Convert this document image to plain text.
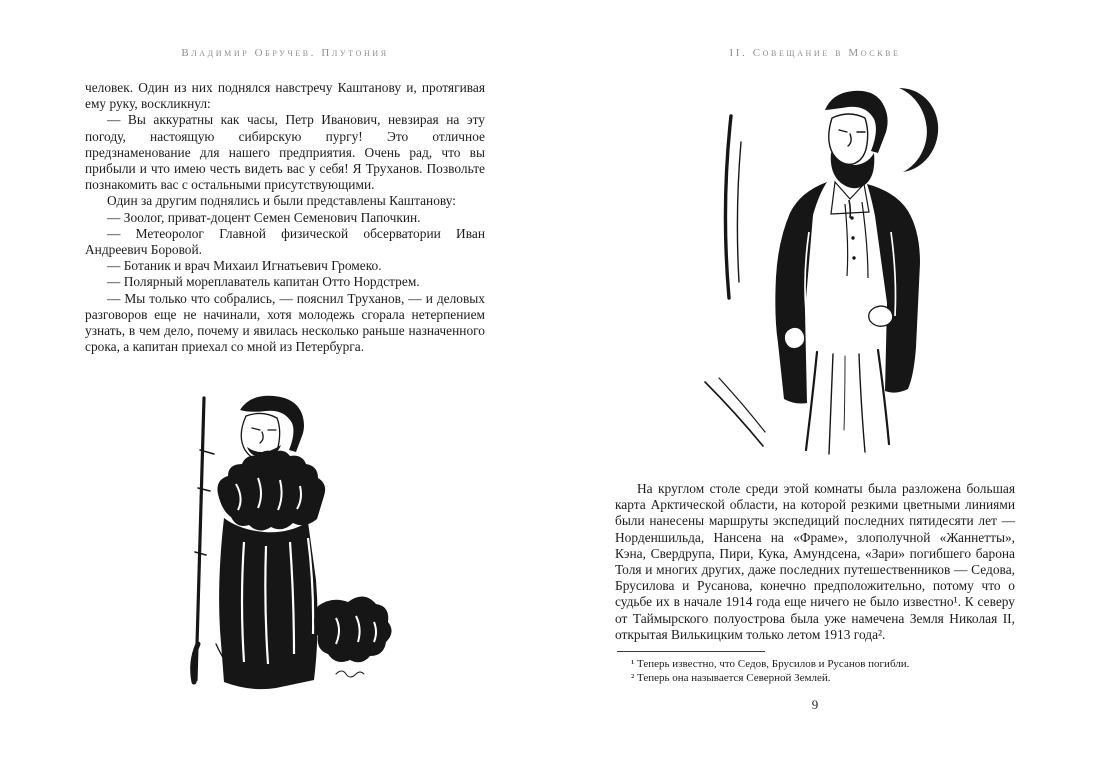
Владимир Обручев. Плутония

человек. Один из них поднялся навстречу Каштанову и, протягивая ему руку, воскликнул:

— Вы аккуратны как часы, Петр Иванович, невзирая на эту погоду, настоящую сибирскую пургу! Это отличное предзнаменование для нашего предприятия. Очень рад, что вы прибыли и что имею честь видеть вас у себя! Я Труханов. Позвольте познакомить вас с остальными присутствующими.

Один за другим поднялись и были представлены Каштанову:

— Зоолог, приват-доцент Семен Семенович Папочкин.

— Метеоролог Главной физической обсерватории Иван Андреевич Боровой.

— Ботаник и врач Михаил Игнатьевич Громеко.

— Полярный мореплаватель капитан Отто Нордстрем.

— Мы только что собрались, — пояснил Труханов, — и деловых разговоров еще не начинали, хотя молодежь сгорала нетерпением узнать, в чем дело, почему и явилась несколько раньше назначенного срока, а капитан приехал со мной из Петербурга.

II. Совещание в Москве

На круглом столе среди этой комнаты была разложена большая карта Арктической области, на которой резкими цветными линиями были нанесены маршруты экспедиций последних пятидесяти лет — Норденшильда, Нансена на «Фраме», злополучной «Жаннетты», Кэна, Свердрупа, Пири, Кука, Амундсена, «Зари» погибшего барона Толя и многих других, даже последних путешественников — Седова, Брусилова и Русанова, конечно предположительно, потому что о судьбе их в начале 1914 года еще ничего не было известно¹. К северу от Таймырского полуострова была уже намечена Земля Николая II, открытая Вилькицким только летом 1913 года².

¹ Теперь известно, что Седов, Брусилов и Русанов погибли.

² Теперь она называется Северной Землей.

9
